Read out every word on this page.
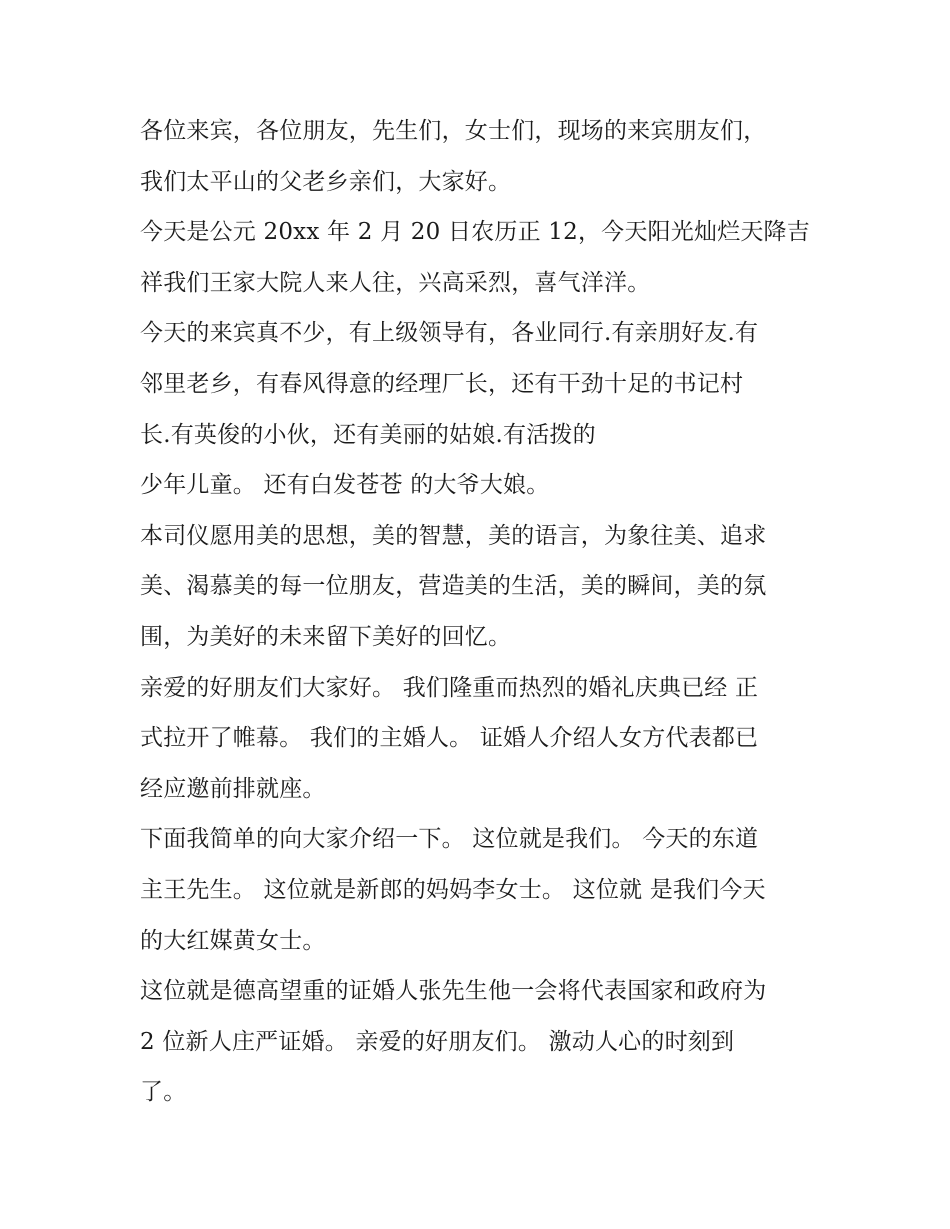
各位来宾，各位朋友，先生们，女士们，现场的来宾朋友们，
我们太平山的父老乡亲们，大家好。
今天是公元 20xx 年 2 月 20 日农历正 12，今天阳光灿烂天降吉
祥我们王家大院人来人往，兴高采烈，喜气洋洋。
今天的来宾真不少，有上级领导有，各业同行.有亲朋好友.有
邻里老乡，有春风得意的经理厂长，还有干劲十足的书记村
长.有英俊的小伙，还有美丽的姑娘.有活拨的
少年儿童。 还有白发苍苍 的大爷大娘。
本司仪愿用美的思想，美的智慧，美的语言，为象往美、追求
美、渴慕美的每一位朋友，营造美的生活，美的瞬间，美的氛
围，为美好的未来留下美好的回忆。
亲爱的好朋友们大家好。 我们隆重而热烈的婚礼庆典已经 正
式拉开了帷幕。 我们的主婚人。 证婚人介绍人女方代表都已
经应邀前排就座。
下面我简单的向大家介绍一下。 这位就是我们。 今天的东道
主王先生。 这位就是新郎的妈妈李女士。 这位就 是我们今天
的大红媒黄女士。
这位就是德高望重的证婚人张先生他一会将代表国家和政府为
2 位新人庄严证婚。 亲爱的好朋友们。 激动人心的时刻到
了。
